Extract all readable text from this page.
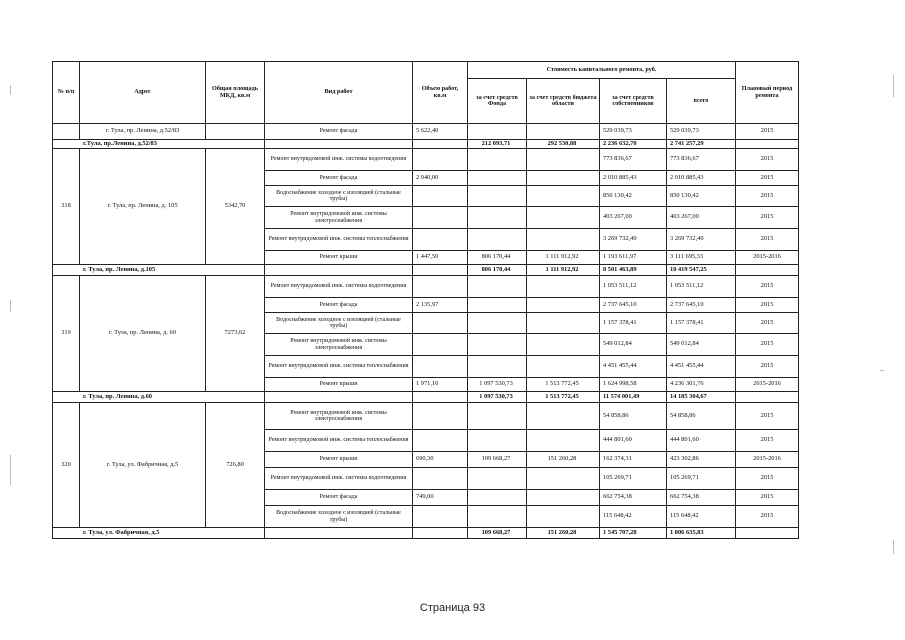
№ п/п	Адрес	Общая площадь МКД, кв.м	Вид работ	Объем работ, кв.м	Стоимость капитального ремонта, руб.				Плановый период ремонта
					за счет средств Фонда	за счет средств бюджета области	за счет средств собственников	всего	
	г. Тула, пр. Ленина, д.52/83		Ремонт фасада	5 622,40			529 039,73	529 039,73	2015
г.Тула, пр.Ленина, д.52/83					212 093,71	292 530,88	2 236 632,70	2 741 257,29	
318	г. Тула, пр. Ленина, д. 105	5342,70	Ремонт внутридомовой инж. системы водоотведения				773 836,67	773 836,67	2015
			Ремонт фасада	2 940,00			2 010 885,43	2 010 885,43	2015
			Водоснабжение холодное с изоляцией (стальные трубы)				850 130,42	850 130,42	2015
			Ремонт внутридомовой инж. системы электроснабжения				403 267,00	403 267,00	2015
			Ремонт внутридомовой инж. системы теплоснабжения				3 269 732,40	3 269 732,40	2015
			Ремонт крыши	1 447,50	806 170,44	1 111 912,92	1 193 611,97	3 111 695,33	2015-2016
г. Тула, пр. Ленина, д.105					806 170,44	1 111 912,92	8 501 463,89	10 419 547,25	
319	г. Тула, пр. Ленина, д. 60	7273,62	Ремонт внутридомовой инж. системы водоотведения				1 053 511,12	1 053 511,12	2015
			Ремонт фасада	2 135,97			2 737 645,10	2 737 645,10	2015
			Водоснабжение холодное с изоляцией (стальные трубы)				1 157 378,41	1 157 378,41	2015
			Ремонт внутридомовой инж. системы электроснабжения				549 012,84	549 012,84	2015
			Ремонт внутридомовой инж. системы теплоснабжения				4 451 455,44	4 451 455,44	2015
			Ремонт крыши	1 971,10	1 097 530,73	1 513 772,45	1 624 998,58	4 236 301,76	2015-2016
г. Тула, пр. Ленина, д.60					1 097 530,73	1 513 772,45	11 574 001,49	14 185 304,67	
320	г. Тула, ул. Фабричная, д.5	726,80	Ремонт внутридомовой инж. системы электроснабжения				54 858,86	54 858,86	2015
			Ремонт внутридомовой инж. системы теплоснабжения				444 801,60	444 801,60	2015
			Ремонт крыши	690,30	109 668,27	151 260,28	162 374,31	423 302,86	2015-2016
			Ремонт внутридомовой инж. системы водоотведения				105 269,71	105 269,71	2015
			Ремонт фасада	749,00			662 754,38	662 754,38	2015
			Водоснабжение холодное с изоляцией (стальные трубы)				115 648,42	115 648,42	2015
г. Тула, ул. Фабричная, д.5					109 668,27	151 260,28	1 545 707,28	1 806 635,83	
Страница 93
